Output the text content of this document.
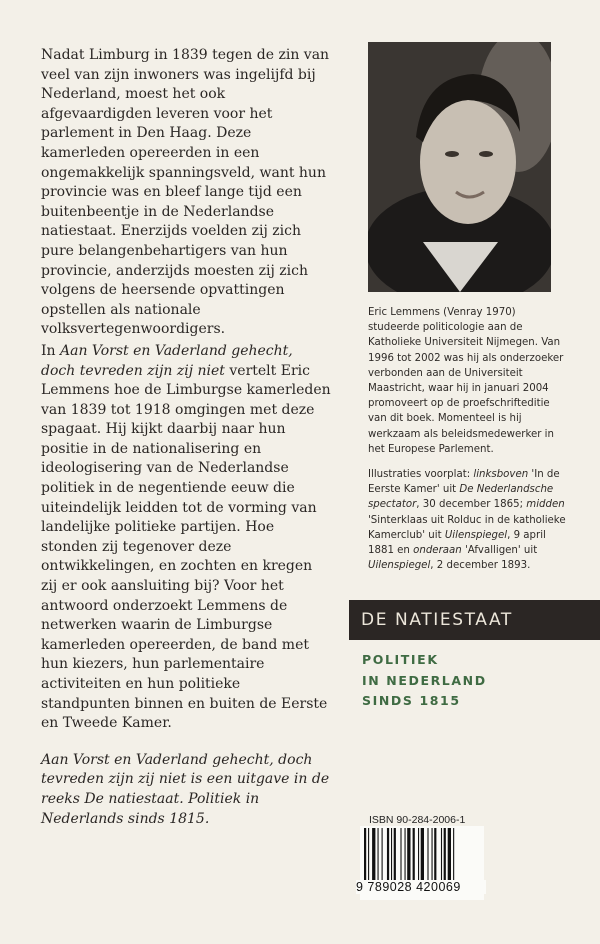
Nadat Limburg in 1839 tegen de zin van veel van zijn inwoners was ingelijfd bij Nederland, moest het ook afgevaardigden leveren voor het parlement in Den Haag. Deze kamerleden opereerden in een ongemakkelijk spanningsveld, want hun provincie was en bleef lange tijd een buitenbeentje in de Nederlandse natiestaat. Enerzijds voelden zij zich pure belangenbehartigers van hun provincie, anderzijds moesten zij zich volgens de heersende opvattingen opstellen als nationale volksvertegenwoordigers.

In Aan Vorst en Vaderland gehecht, doch tevreden zijn zij niet vertelt Eric Lemmens hoe de Limburgse kamerleden van 1839 tot 1918 omgingen met deze spagaat. Hij kijkt daarbij naar hun positie in de nationalisering en ideologisering van de Nederlandse politiek in de negentiende eeuw die uiteindelijk leidden tot de vorming van landelijke politieke partijen. Hoe stonden zij tegenover deze ontwikkelingen, en zochten en kregen zij er ook aansluiting bij? Voor het antwoord onderzoekt Lemmens de netwerken waarin de Limburgse kamerleden opereerden, de band met hun kiezers, hun parlementaire activiteiten en hun politieke standpunten binnen en buiten de Eerste en Tweede Kamer.

Aan Vorst en Vaderland gehecht, doch tevreden zijn zij niet is een uitgave in de reeks De natiestaat. Politiek in Nederlands sinds 1815.

Eric Lemmens (Venray 1970) studeerde politicologie aan de Katholieke Universiteit Nijmegen. Van 1996 tot 2002 was hij als onderzoeker verbonden aan de Universiteit Maastricht, waar hij in januari 2004 promoveert op de proefschrifteditie van dit boek. Momenteel is hij werkzaam als beleidsmedewerker in het Europese Parlement.

Illustraties voorplat: linksboven 'In de Eerste Kamer' uit De Nederlandsche spectator, 30 december 1865; midden 'Sinterklaas uit Rolduc in de katholieke Kamerclub' uit Uilenspiegel, 9 april 1881 en onderaan 'Afvalligen' uit Uilenspiegel, 2 december 1893.

DE NATIESTAAT
POLITIEK
IN NEDERLAND
SINDS 1815
ISBN 90-284-2006-1
9 789028 420069
